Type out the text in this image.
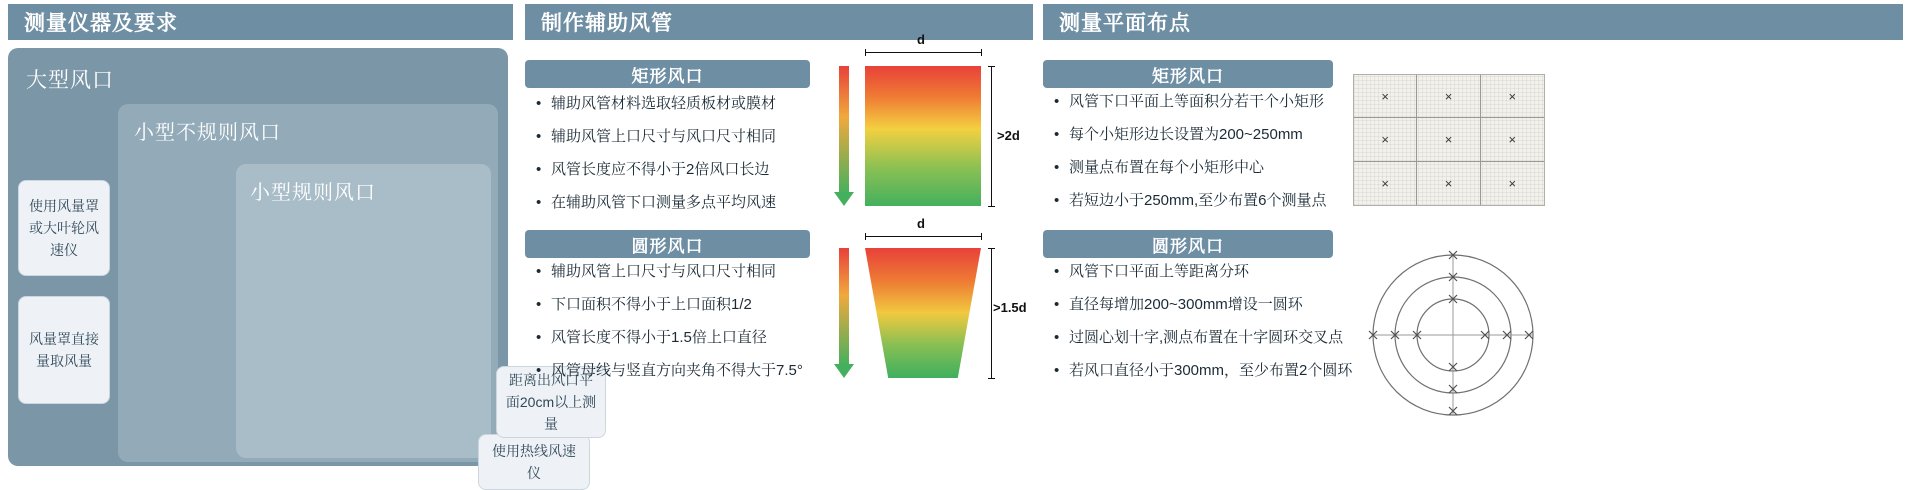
测量仪器及要求
大型风口
使用风量罩或大叶轮风速仪
风量罩直接量取风量
小型不规则风口
小型规则风口
使用热线风速仪
距离出风口平面20cm以上测量
制作辅助风管
矩形风口
• 辅助风管材料选取轻质板材或膜材
• 辅助风管上口尺寸与风口尺寸相同
• 风管长度应不得小于2倍风口长边
• 在辅助风管下口测量多点平均风速
圆形风口
• 辅助风管上口尺寸与风口尺寸相同
• 下口面积不得小于上口面积1/2
• 风管长度不得小于1.5倍上口直径
• 风管母线与竖直方向夹角不得大于7.5°
d
>2d
d
>1.5d
测量平面布点
矩形风口
• 风管下口平面上等面积分若干个小矩形
• 每个小矩形边长设置为200~250mm
• 测量点布置在每个小矩形中心
• 若短边小于250mm,至少布置6个测量点
圆形风口
• 风管下口平面上等距离分环
• 直径每增加200~300mm增设一圆环
• 过圆心划十字,测点布置在十字圆环交叉点
• 若风口直径小于300mm，至少布置2个圆环
×	×	×
×	×	×
×	×	×
